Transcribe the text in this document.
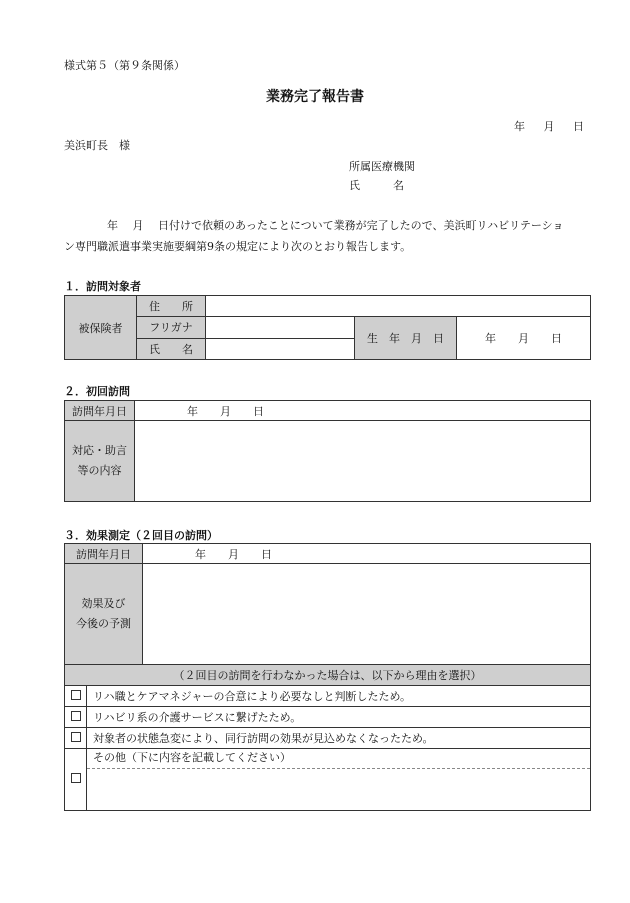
様式第５（第９条関係）
業務完了報告書
年　 月　 日
美浜町長　様
所属医療機関
氏　　　名
　年　 月　 日付けで依頼のあったことについて業務が完了したので、美浜町リハビリテーショ
ン専門職派遣事業実施要綱第9条の規定により次のとおり報告します。
１．訪問対象者
被保険者	住　　所			
	フリガナ		生　年　月　日	年　　月　　日
	氏　　名			
２．初回訪問
訪問年月日	年　　月　　日

対応・助言
等の内容	

３．効果測定（２回目の訪問）
訪問年月日		年　　月　　日

効果及び
今後の予測		

（２回目の訪問を行わなかった場合は、以下から理由を選択）		
	リハ職とケアマネジャーの合意により必要なしと判断したため。	
	リハビリ系の介護サービスに繋げたため。	
	対象者の状態急変により、同行訪問の効果が見込めなくなったため。	

	その他（下に内容を記載してください）	
